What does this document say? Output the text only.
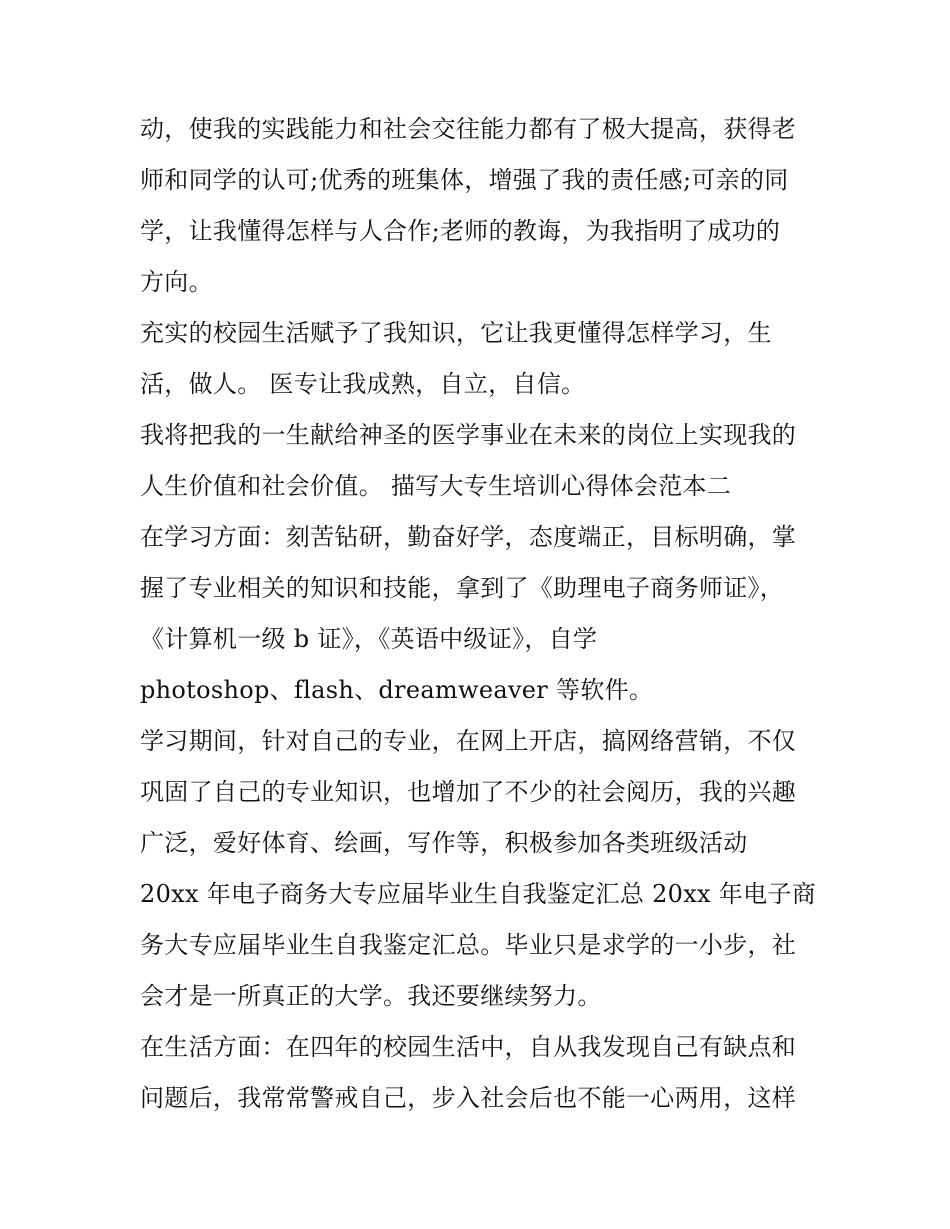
动，使我的实践能力和社会交往能力都有了极大提高，获得老
师和同学的认可;优秀的班集体，增强了我的责任感;可亲的同
学，让我懂得怎样与人合作;老师的教诲，为我指明了成功的
方向。
充实的校园生活赋予了我知识，它让我更懂得怎样学习，生
活，做人。 医专让我成熟，自立，自信。
我将把我的一生献给神圣的医学事业在未来的岗位上实现我的
人生价值和社会价值。 描写大专生培训心得体会范本二
在学习方面：刻苦钻研，勤奋好学，态度端正，目标明确，掌
握了专业相关的知识和技能，拿到了《助理电子商务师证》，
《计算机一级 b 证》，《英语中级证》，自学
photoshop、flash、dreamweaver 等软件。
学习期间，针对自己的专业，在网上开店，搞网络营销，不仅
巩固了自己的专业知识，也增加了不少的社会阅历，我的兴趣
广泛，爱好体育、绘画，写作等，积极参加各类班级活动
20xx 年电子商务大专应届毕业生自我鉴定汇总 20xx 年电子商
务大专应届毕业生自我鉴定汇总。毕业只是求学的一小步，社
会才是一所真正的大学。我还要继续努力。
在生活方面：在四年的校园生活中，自从我发现自己有缺点和
问题后，我常常警戒自己，步入社会后也不能一心两用，这样
